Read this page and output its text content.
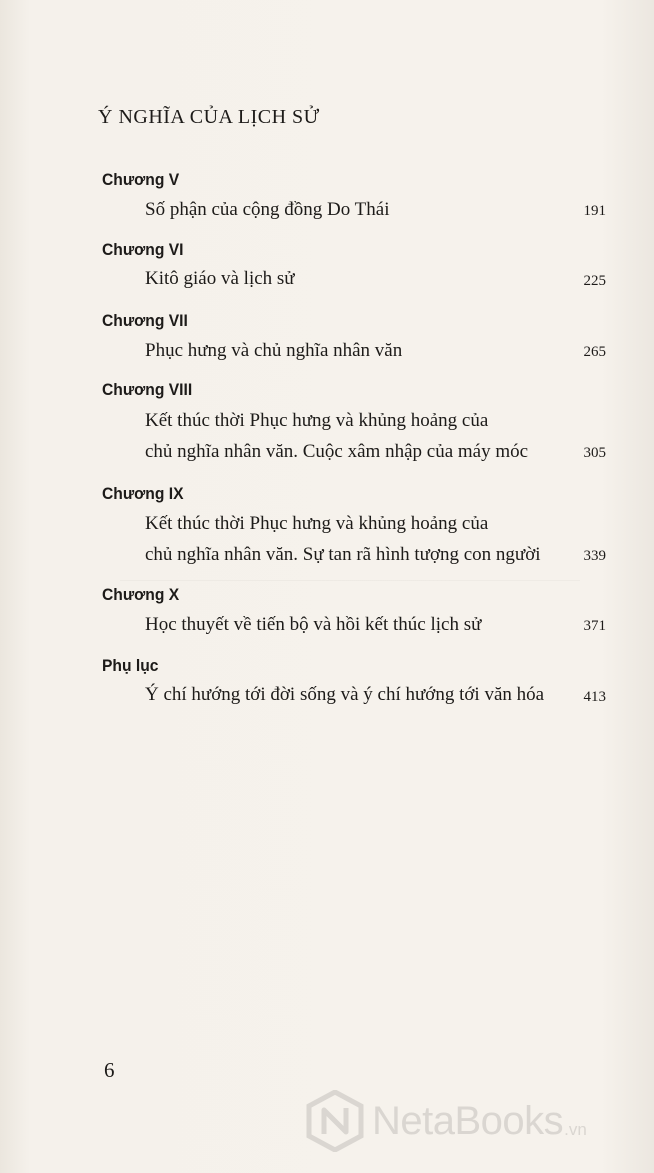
Ý NGHĨA CỦA LỊCH SỬ
Chương V
Số phận của cộng đồng Do Thái	191
Chương VI
Kitô giáo và lịch sử	225
Chương VII
Phục hưng và chủ nghĩa nhân văn	265
Chương VIII
Kết thúc thời Phục hưng và khủng hoảng của
chủ nghĩa nhân văn. Cuộc xâm nhập của máy móc	305
Chương IX
Kết thúc thời Phục hưng và khủng hoảng của
chủ nghĩa nhân văn. Sự tan rã hình tượng con người	339
Chương X
Học thuyết về tiến bộ và hồi kết thúc lịch sử	371
Phụ lục
Ý chí hướng tới đời sống và ý chí hướng tới văn hóa	413
6
NetaBooks .vn
